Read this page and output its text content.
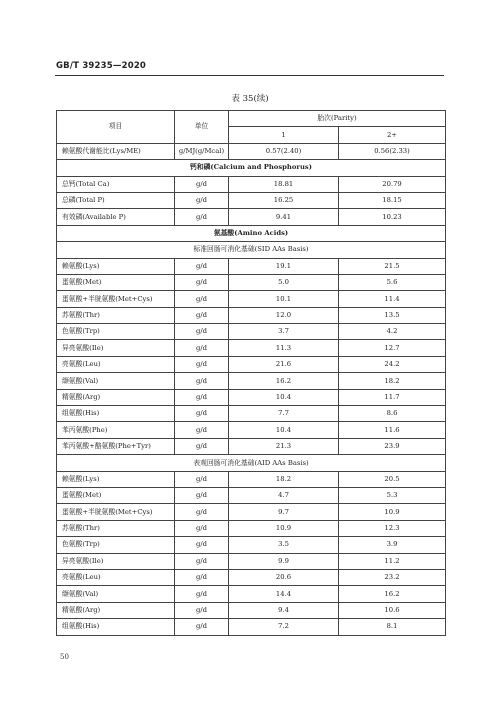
GB/T 39235—2020
表 35(续)
项目	单位	胎次(Parity)	
		1	2+
赖氨酸代谢能比(Lys/ME)	g/MJ(g/Mcal)	0.57(2.40)	0.56(2.33)
钙和磷(Calcium and Phosphorus)			
总钙(Total Ca)	g/d	18.81	20.79
总磷(Total P)	g/d	16.25	18.15
有效磷(Available P)	g/d	9.41	10.23
氨基酸(Amino Acids)			
标准回肠可消化基础(SID AAs Basis)			
赖氨酸(Lys)	g/d	19.1	21.5
蛋氨酸(Met)	g/d	5.0	5.6
蛋氨酸+半胱氨酸(Met+Cys)	g/d	10.1	11.4
苏氨酸(Thr)	g/d	12.0	13.5
色氨酸(Trp)	g/d	3.7	4.2
异亮氨酸(Ile)	g/d	11.3	12.7
亮氨酸(Leu)	g/d	21.6	24.2
缬氨酸(Val)	g/d	16.2	18.2
精氨酸(Arg)	g/d	10.4	11.7
组氨酸(His)	g/d	7.7	8.6
苯丙氨酸(Phe)	g/d	10.4	11.6
苯丙氨酸+酪氨酸(Phe+Tyr)	g/d	21.3	23.9
表观回肠可消化基础(AID AAs Basis)			
赖氨酸(Lys)	g/d	18.2	20.5
蛋氨酸(Met)	g/d	4.7	5.3
蛋氨酸+半胱氨酸(Met+Cys)	g/d	9.7	10.9
苏氨酸(Thr)	g/d	10.9	12.3
色氨酸(Trp)	g/d	3.5	3.9
异亮氨酸(Ile)	g/d	9.9	11.2
亮氨酸(Leu)	g/d	20.6	23.2
缬氨酸(Val)	g/d	14.4	16.2
精氨酸(Arg)	g/d	9.4	10.6
组氨酸(His)	g/d	7.2	8.1
50
